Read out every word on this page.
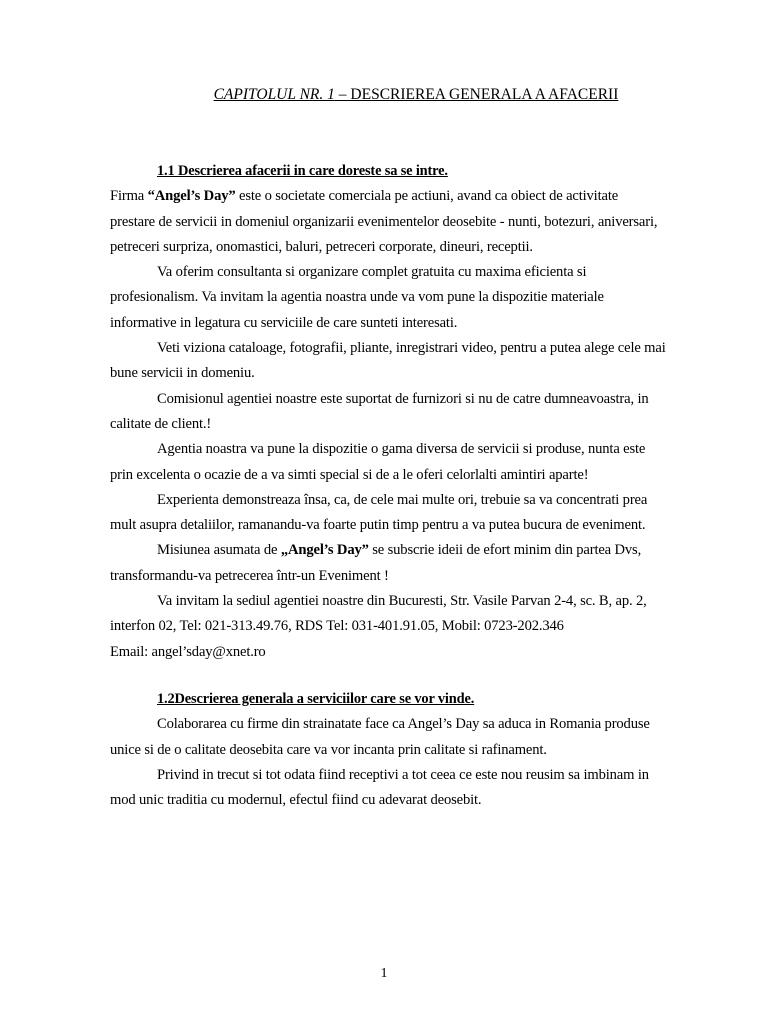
CAPITOLUL NR. 1 – DESCRIEREA GENERALA A AFACERII

1.1 Descrierea afacerii in care doreste sa se intre.

Firma “Angel’s Day” este o societate comerciala pe actiuni, avand ca obiect de activitate prestare de servicii in domeniul organizarii evenimentelor deosebite - nunti, botezuri, aniversari, petreceri surpriza, onomastici, baluri, petreceri corporate, dineuri, receptii.

Va oferim consultanta si organizare complet gratuita cu maxima eficienta si profesionalism. Va invitam la agentia noastra unde va vom pune la dispozitie materiale informative in legatura cu serviciile de care sunteti interesati.

Veti viziona cataloage, fotografii, pliante, inregistrari video, pentru a putea alege cele mai bune servicii in domeniu.

Comisionul agentiei noastre este suportat de furnizori si nu de catre dumneavoastra, in calitate de client.!

Agentia noastra va pune la dispozitie o gama diversa de servicii si produse, nunta este prin excelenta o ocazie de a va simti special si de a le oferi celorlalti amintiri aparte!

Experienta demonstreaza însa, ca, de cele mai multe ori, trebuie sa va concentrati prea mult asupra detaliilor, ramanandu-va foarte putin timp pentru a va putea bucura de eveniment.

Misiunea asumata de „Angel’s Day” se subscrie ideii de efort minim din partea Dvs, transformandu-va petrecerea într-un Eveniment !

Va invitam la sediul agentiei noastre din Bucuresti, Str. Vasile Parvan 2-4, sc. B, ap. 2, interfon 02, Tel: 021-313.49.76, RDS Tel: 031-401.91.05, Mobil: 0723-202.346

Email: angel’sday@xnet.ro

1.2Descrierea generala a serviciilor care se vor vinde.

Colaborarea cu firme din strainatate face ca Angel’s Day sa aduca in Romania produse unice si de o calitate deosebita care va vor incanta prin calitate si rafinament.

Privind in trecut si tot odata fiind receptivi a tot ceea ce este nou reusim sa imbinam in mod unic traditia cu modernul, efectul fiind cu adevarat deosebit.

1
